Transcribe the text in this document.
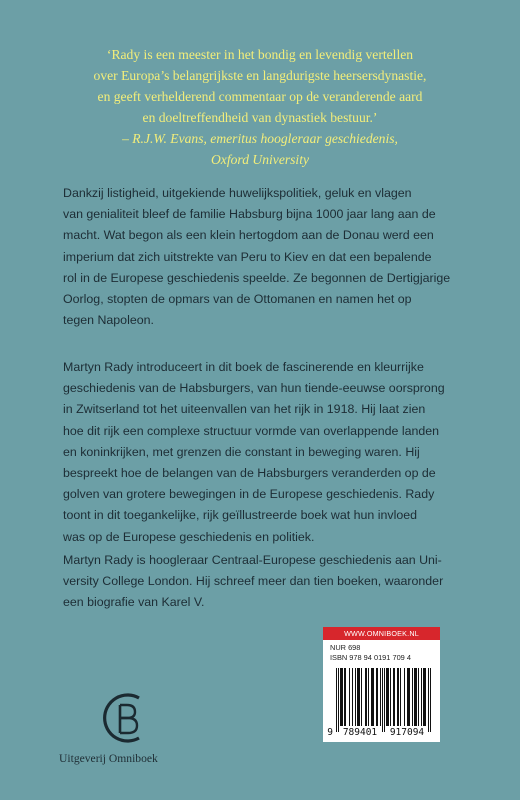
‘Rady is een meester in het bondig en levendig vertellen
over Europa’s belangrijkste en langdurigste heersersdynastie,
en geeft verhelderend commentaar op de veranderende aard
en doeltreffendheid van dynastiek bestuur.’
– R.J.W. Evans, emeritus hoogleraar geschiedenis,
Oxford University
Dankzij listigheid, uitgekiende huwelijkspolitiek, geluk en vlagen
van genialiteit bleef de familie Habsburg bijna 1000 jaar lang aan de
macht. Wat begon als een klein hertogdom aan de Donau werd een
imperium dat zich uitstrekte van Peru to Kiev en dat een bepalende
rol in de Europese geschiedenis speelde. Ze begonnen de Dertigjarige
Oorlog, stopten de opmars van de Ottomanen en namen het op
tegen Napoleon.
Martyn Rady introduceert in dit boek de fascinerende en kleurrijke
geschiedenis van de Habsburgers, van hun tiende-eeuwse oorsprong
in Zwitserland tot het uiteenvallen van het rijk in 1918. Hij laat zien
hoe dit rijk een complexe structuur vormde van overlappende landen
en koninkrijken, met grenzen die constant in beweging waren. Hij
bespreekt hoe de belangen van de Habsburgers veranderden op de
golven van grotere bewegingen in de Europese geschiedenis. Rady
toont in dit toegankelijke, rijk geïllustreerde boek wat hun invloed
was op de Europese geschiedenis en politiek.
Martyn Rady is hoogleraar Centraal-Europese geschiedenis aan Uni-
versity College London. Hij schreef meer dan tien boeken, waaronder
een biografie van Karel V.
WWW.OMNIBOEK.NL
NUR 698
ISBN 978 94 0191 709 4
9 789401 917094
Uitgeverij Omniboek
